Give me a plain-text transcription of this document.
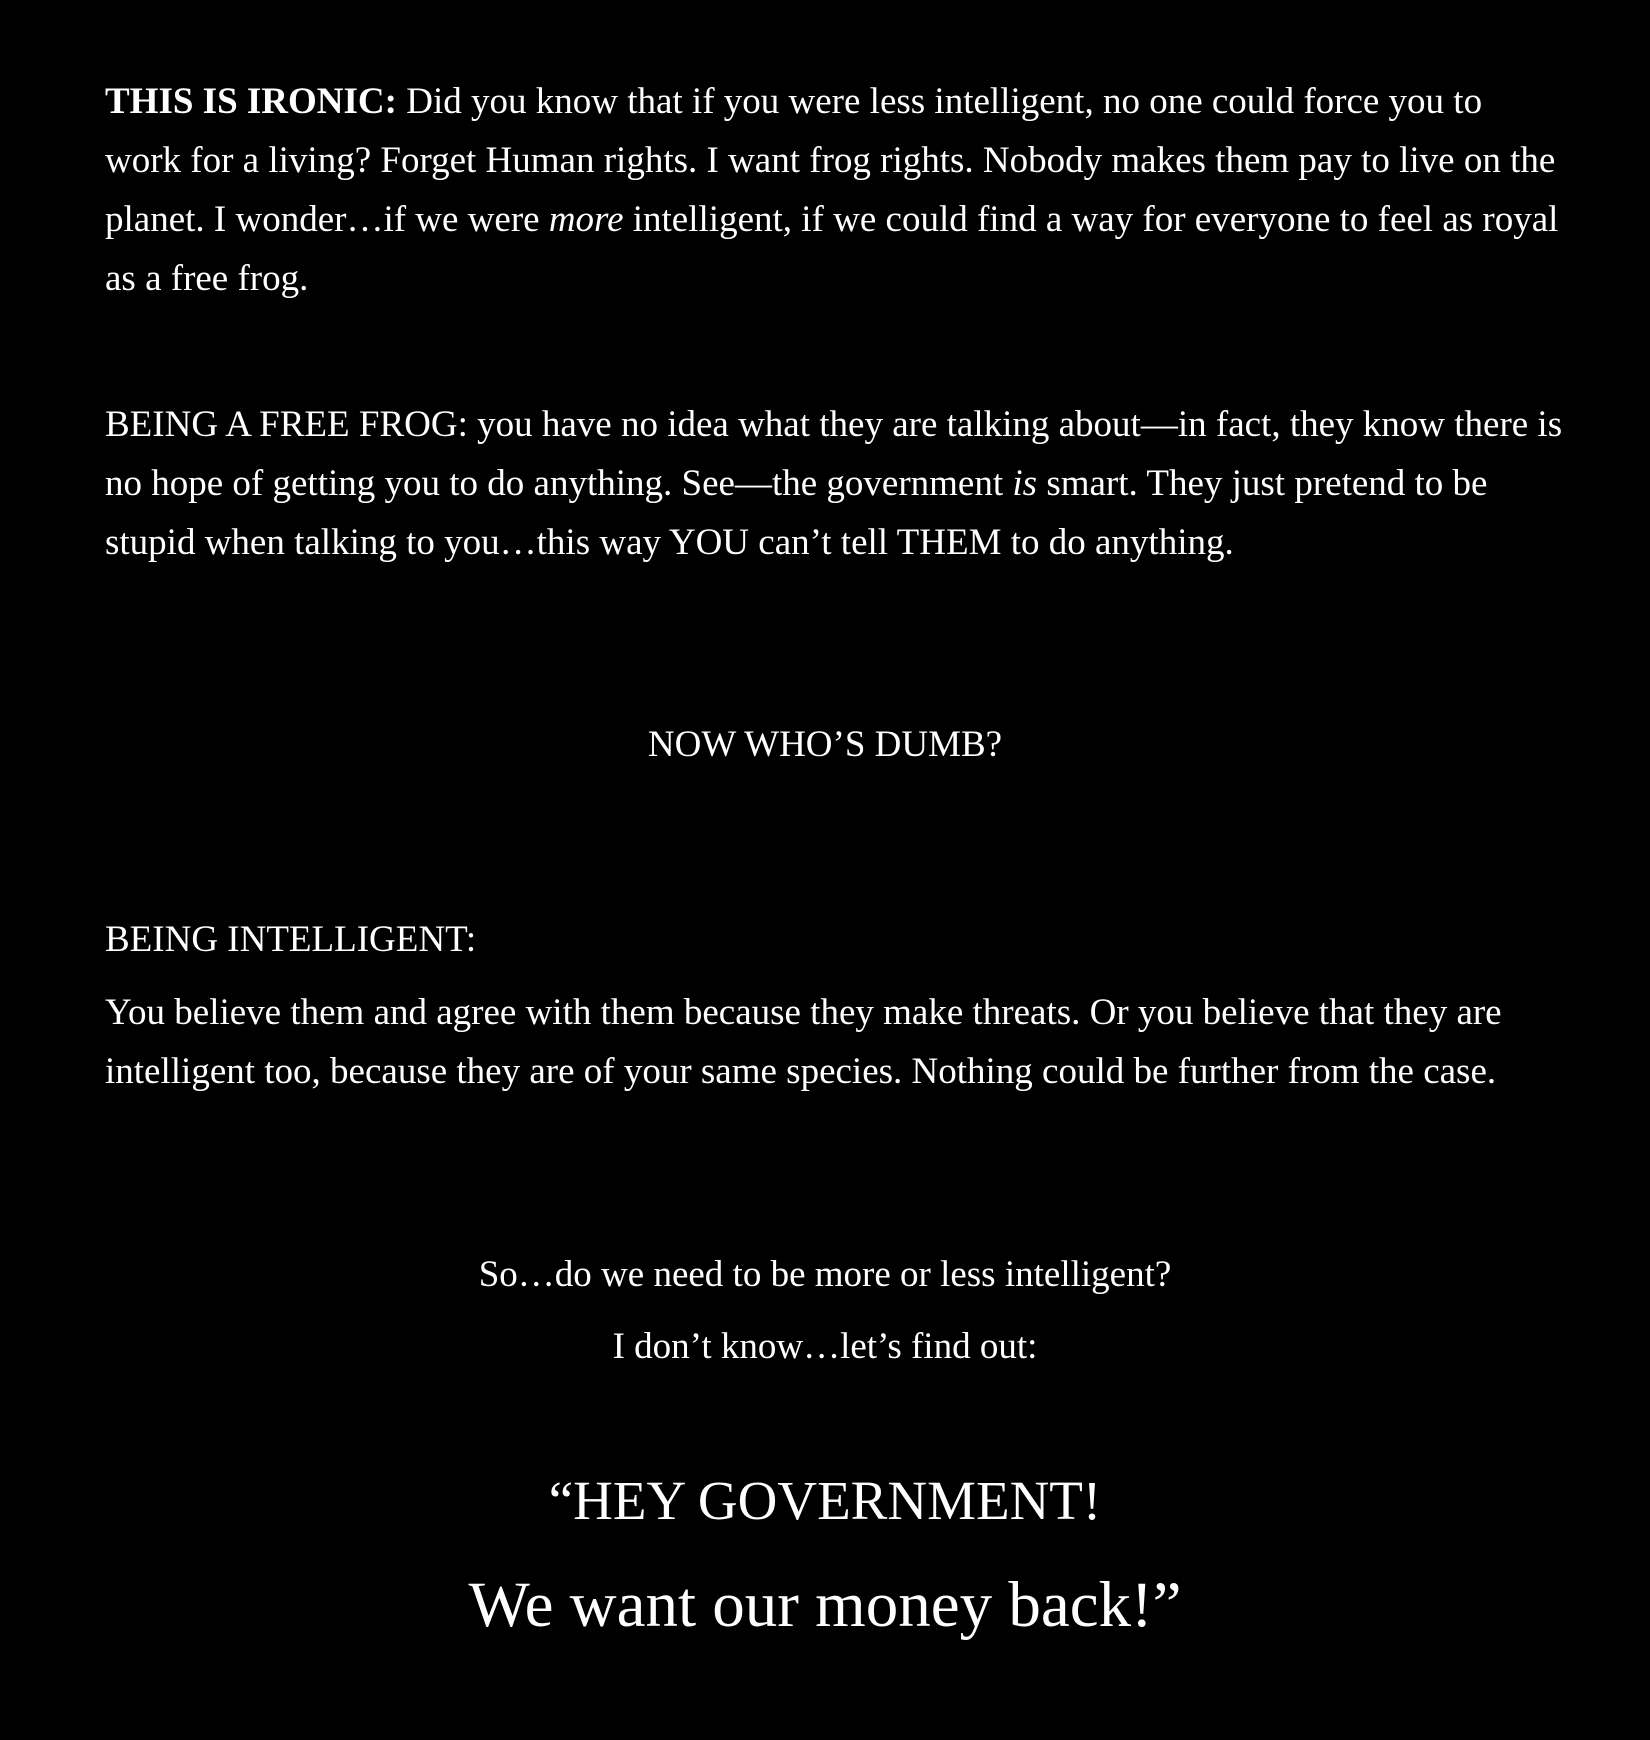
THIS IS IRONIC: Did you know that if you were less intelligent, no one could force you to work for a living? Forget Human rights. I want frog rights. Nobody makes them pay to live on the planet. I wonder…if we were more intelligent, if we could find a way for everyone to feel as royal as a free frog.

BEING A FREE FROG: you have no idea what they are talking about—in fact, they know there is no hope of getting you to do anything. See—the government is smart. They just pretend to be stupid when talking to you…this way YOU can’t tell THEM to do anything.

NOW WHO’S DUMB?

BEING INTELLIGENT:

You believe them and agree with them because they make threats. Or you believe that they are intelligent too, because they are of your same species. Nothing could be further from the case.

So…do we need to be more or less intelligent?

I don’t know…let’s find out:

“HEY GOVERNMENT!

We want our money back!”
